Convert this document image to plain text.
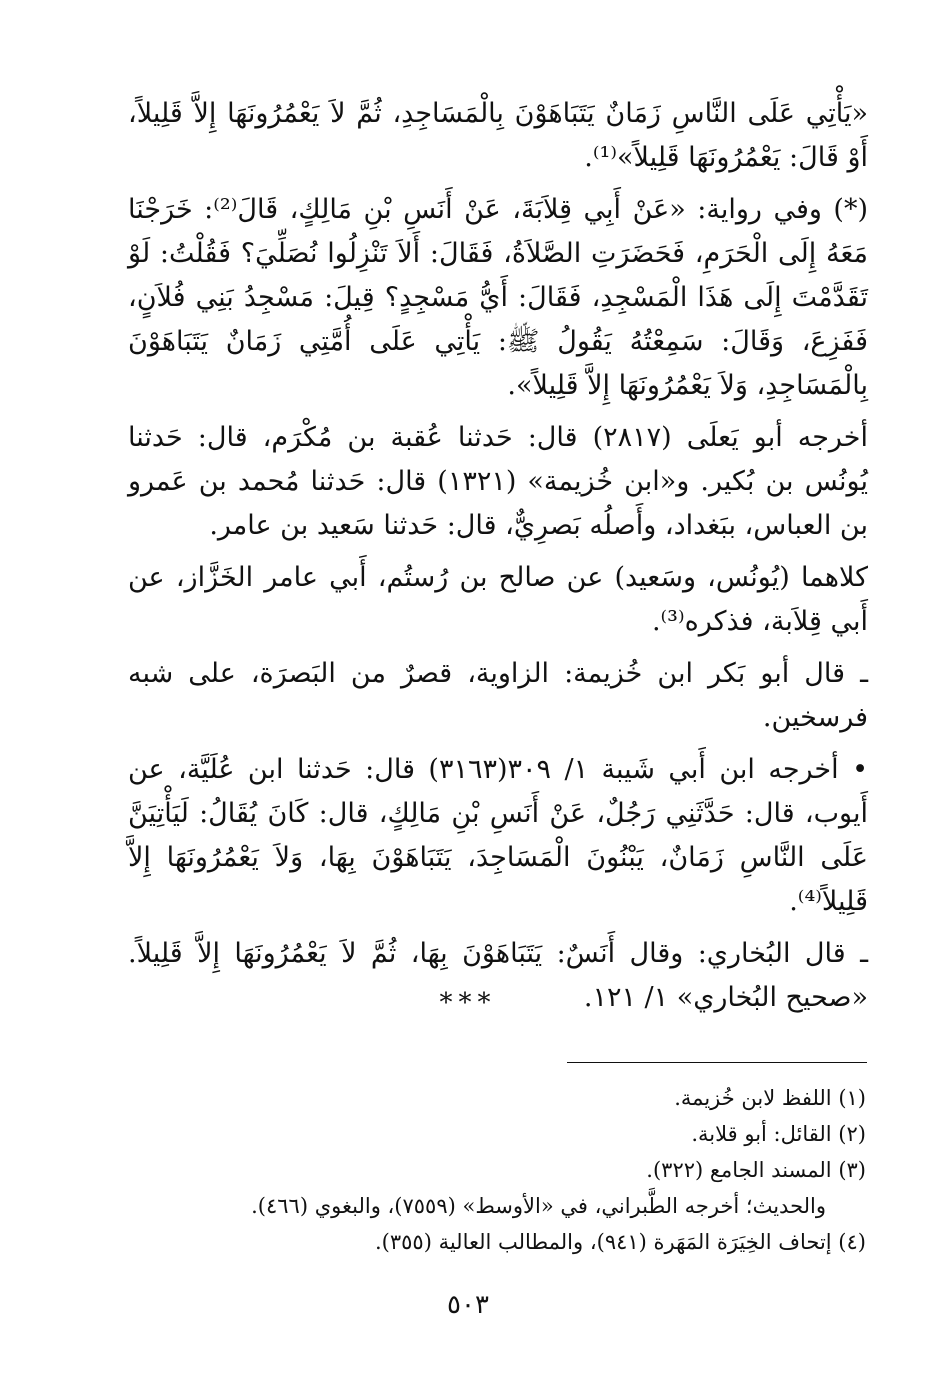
«يَأْتِي عَلَى النَّاسِ زَمَانٌ يَتَبَاهَوْنَ بِالْمَسَاجِدِ، ثُمَّ لاَ يَعْمُرُونَهَا إِلاَّ قَلِيلاً، أَوْ قَالَ: يَعْمُرُونَهَا قَلِيلاً»⁽¹⁾.

(*) وفي رواية: «عَنْ أَبِي قِلاَبَةَ، عَنْ أَنَسِ بْنِ مَالِكٍ، قَالَ⁽²⁾: خَرَجْنَا مَعَهُ إِلَى الْحَرَمِ، فَحَضَرَتِ الصَّلاَةُ، فَقَالَ: أَلاَ تَنْزِلُوا نُصَلِّيَ؟ فَقُلْتُ: لَوْ تَقَدَّمْتَ إِلَى هَذَا الْمَسْجِدِ، فَقَالَ: أَيُّ مَسْجِدٍ؟ قِيلَ: مَسْجِدُ بَنِي فُلاَنٍ، فَفَزِعَ، وَقَالَ: سَمِعْتُهُ يَقُولُ ﷺ: يَأْتِي عَلَى أُمَّتِي زَمَانٌ يَتَبَاهَوْنَ بِالْمَسَاجِدِ، وَلاَ يَعْمُرُونَهَا إِلاَّ قَلِيلاً».

أخرجه أبو يَعلَى (٢٨١٧) قال: حَدثنا عُقبة بن مُكْرَم، قال: حَدثنا يُونُس بن بُكير. و«ابن خُزيمة» (١٣٢١) قال: حَدثنا مُحمد بن عَمرو بن العباس، ببَغداد، وأَصلُه بَصرِيٌّ، قال: حَدثنا سَعيد بن عامر.

كلاهما (يُونُس، وسَعيد) عن صالح بن رُستُم، أَبي عامر الخَزَّاز، عن أَبي قِلاَبة، فذكره⁽³⁾.

ـ قال أبو بَكر ابن خُزيمة: الزاوية، قصرٌ من البَصرَة، على شبه فرسخين.

• أخرجه ابن أَبي شَيبة ١/ ٣٠٩(٣١٦٣) قال: حَدثنا ابن عُلَيَّة، عن أَيوب، قال: حَدَّثَنِي رَجُلٌ، عَنْ أَنَسِ بْنِ مَالِكٍ، قال: كَانَ يُقَالُ: لَيَأْتِيَنَّ عَلَى النَّاسِ زَمَانٌ، يَبْنُونَ الْمَسَاجِدَ، يَتَبَاهَوْنَ بِهَا، وَلاَ يَعْمُرُونَهَا إِلاَّ قَلِيلاً⁽⁴⁾.

ـ قال البُخاري: وقال أَنَسٌ: يَتَبَاهَوْنَ بِهَا، ثُمَّ لاَ يَعْمُرُونَهَا إِلاَّ قَلِيلاً. «صحيح البُخاري» ١/ ١٢١.

***

(١) اللفظ لابن خُزيمة.

(٢) القائل: أبو قلابة.

(٣) المسند الجامع (٣٢٢).

والحديث؛ أخرجه الطَّبراني، في «الأوسط» (٧٥٥٩)، والبغوي (٤٦٦).

(٤) إتحاف الخِيَرَة المَهَرة (٩٤١)، والمطالب العالية (٣٥٥).

٥٠٣
